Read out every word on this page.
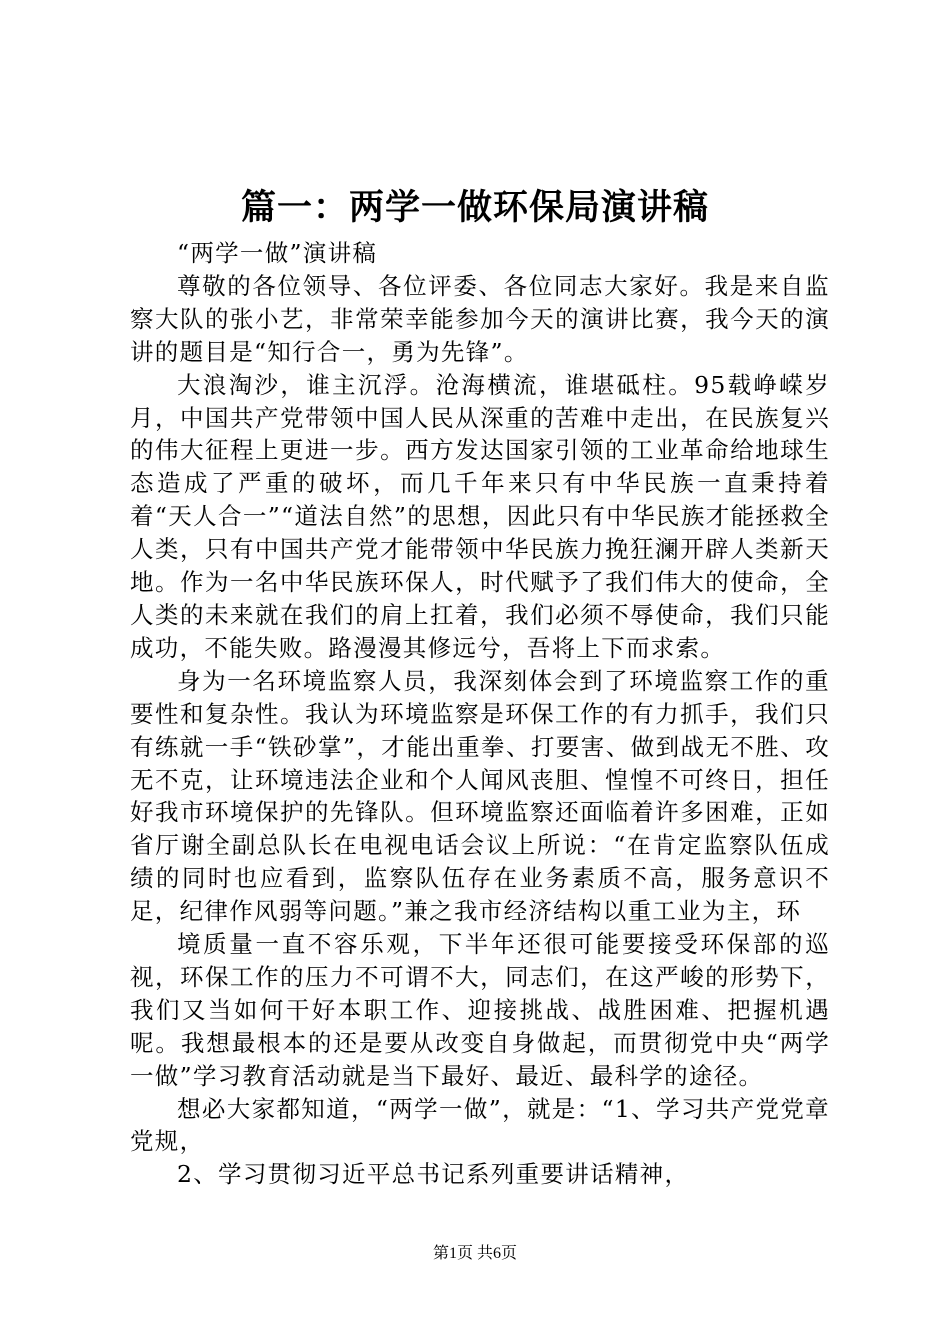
篇一：两学一做环保局演讲稿

“两学一做”演讲稿

尊敬的各位领导、各位评委、各位同志大家好。我是来自监察大队的张小艺，非常荣幸能参加今天的演讲比赛，我今天的演讲的题目是“知行合一，勇为先锋”。

大浪淘沙，谁主沉浮。沧海横流，谁堪砥柱。95载峥嵘岁月，中国共产党带领中国人民从深重的苦难中走出，在民族复兴的伟大征程上更进一步。西方发达国家引领的工业革命给地球生态造成了严重的破坏，而几千年来只有中华民族一直秉持着着“天人合一”“道法自然”的思想，因此只有中华民族才能拯救全人类，只有中国共产党才能带领中华民族力挽狂澜开辟人类新天地。作为一名中华民族环保人，时代赋予了我们伟大的使命，全人类的未来就在我们的肩上扛着，我们必须不辱使命，我们只能成功，不能失败。路漫漫其修远兮，吾将上下而求索。

身为一名环境监察人员，我深刻体会到了环境监察工作的重要性和复杂性。我认为环境监察是环保工作的有力抓手，我们只有练就一手“铁砂掌”，才能出重拳、打要害、做到战无不胜、攻无不克，让环境违法企业和个人闻风丧胆、惶惶不可终日，担任好我市环境保护的先锋队。但环境监察还面临着许多困难，正如省厅谢全副总队长在电视电话会议上所说：“在肯定监察队伍成绩的同时也应看到，监察队伍存在业务素质不高，服务意识不足，纪律作风弱等问题。”兼之我市经济结构以重工业为主，环

境质量一直不容乐观，下半年还很可能要接受环保部的巡视，环保工作的压力不可谓不大，同志们，在这严峻的形势下，我们又当如何干好本职工作、迎接挑战、战胜困难、把握机遇呢。我想最根本的还是要从改变自身做起，而贯彻党中央“两学一做”学习教育活动就是当下最好、最近、最科学的途径。

想必大家都知道，“两学一做”，就是：“1、学习共产党党章党规，

2、学习贯彻习近平总书记系列重要讲话精神，

第1页 共6页
